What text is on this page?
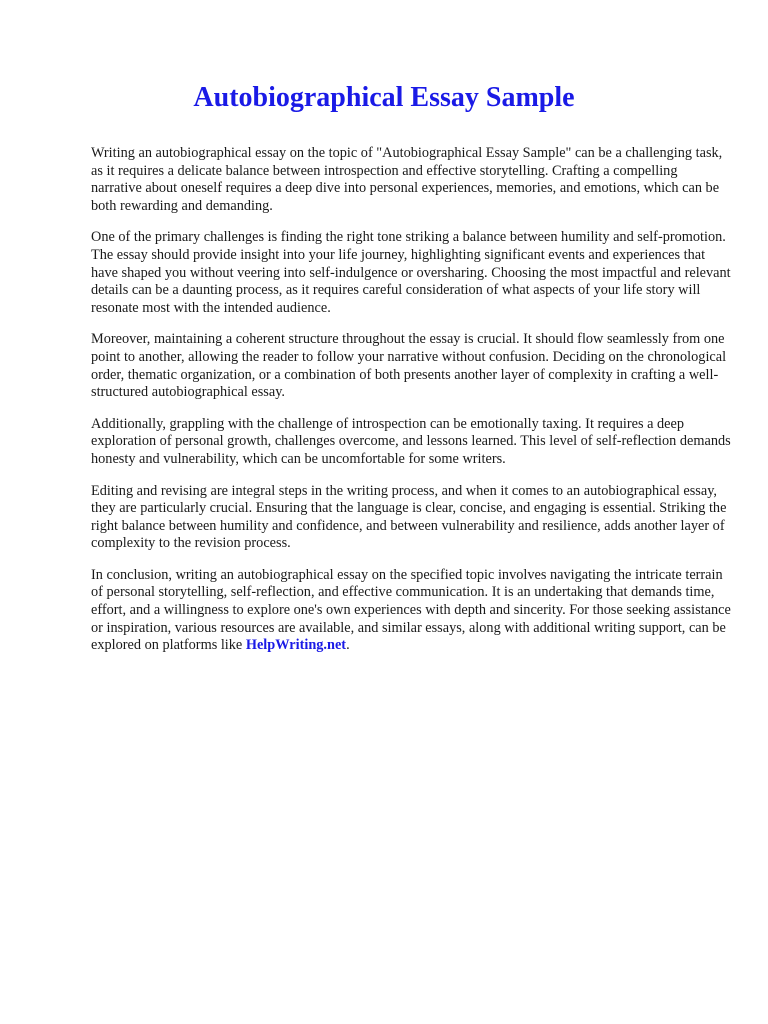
Autobiographical Essay Sample

Writing an autobiographical essay on the topic of "Autobiographical Essay Sample" can be a challenging task, as it requires a delicate balance between introspection and effective storytelling. Crafting a compelling narrative about oneself requires a deep dive into personal experiences, memories, and emotions, which can be both rewarding and demanding.

One of the primary challenges is finding the right tone striking a balance between humility and self-promotion. The essay should provide insight into your life journey, highlighting significant events and experiences that have shaped you without veering into self-indulgence or oversharing. Choosing the most impactful and relevant details can be a daunting process, as it requires careful consideration of what aspects of your life story will resonate most with the intended audience.

Moreover, maintaining a coherent structure throughout the essay is crucial. It should flow seamlessly from one point to another, allowing the reader to follow your narrative without confusion. Deciding on the chronological order, thematic organization, or a combination of both presents another layer of complexity in crafting a well-structured autobiographical essay.

Additionally, grappling with the challenge of introspection can be emotionally taxing. It requires a deep exploration of personal growth, challenges overcome, and lessons learned. This level of self-reflection demands honesty and vulnerability, which can be uncomfortable for some writers.

Editing and revising are integral steps in the writing process, and when it comes to an autobiographical essay, they are particularly crucial. Ensuring that the language is clear, concise, and engaging is essential. Striking the right balance between humility and confidence, and between vulnerability and resilience, adds another layer of complexity to the revision process.

In conclusion, writing an autobiographical essay on the specified topic involves navigating the intricate terrain of personal storytelling, self-reflection, and effective communication. It is an undertaking that demands time, effort, and a willingness to explore one's own experiences with depth and sincerity. For those seeking assistance or inspiration, various resources are available, and similar essays, along with additional writing support, can be explored on platforms like HelpWriting.net.
